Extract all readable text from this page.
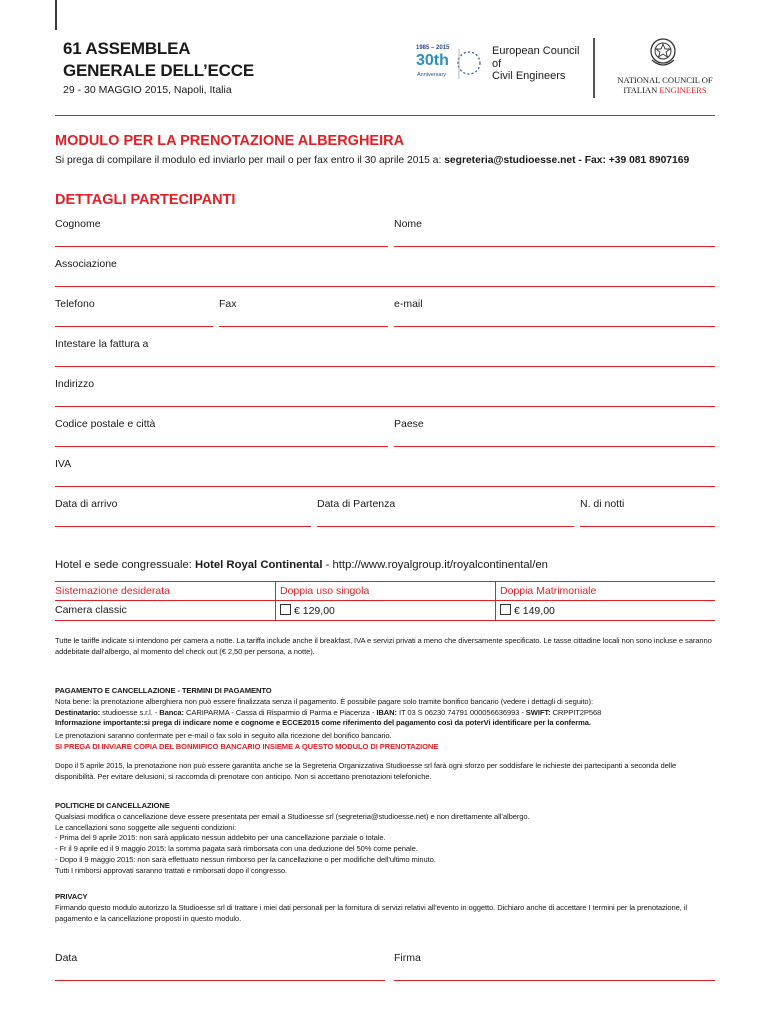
61 ASSEMBLEA
GENERALE DELL’ECCE
29 - 30 MAGGIO 2015, Napoli, Italia
1985 – 2015
30th
Anniversary
European Council
of
Civil Engineers	NATIONAL COUNCIL OF
ITALIAN ENGINEERS
MODULO PER LA PRENOTAZIONE ALBERGHEIRA
Si prega di compilare il modulo ed inviarlo per mail o per fax entro il 30 aprile 2015 a: segreteria@studioesse.net - Fax: +39 081 8907169
DETTAGLI PARTECIPANTI
Cognome	Nome
Associazione
Telefono	Fax	e-mail
Intestare la fattura a
Indirizzo
Codice postale e città	Paese
IVA
Data di arrivo	Data di Partenza	N. di notti
Hotel e sede congressuale: Hotel Royal Continental - http://www.royalgroup.it/royalcontinental/en
Sistemazione desiderata	Doppia uso singola	Doppia Matrimoniale
Camera classic	€ 129,00	€ 149,00
Tutte le tariffe indicate si intendono per camera a notte. La tariffa include anche il breakfast, IVA e servizi privati a meno che diversamente specificato. Le tasse cittadine locali non sono incluse e saranno addebitate dall’albergo, al momento del check out (€ 2,50 per persona, a notte).
PAGAMENTO E CANCELLAZIONE - TERMINI DI PAGAMENTO
Nota bene: la prenotazione alberghiera non può essere finalizzata senza il pagamento. È possibile pagare solo tramite bonifico bancario (vedere i dettagli di seguito):
Destinatario: studioesse s.r.l. - Banca: CARIPARMA - Cassa di Risparmio di Parma e Piacenza - IBAN: IT 03 S 06230 74791 000056636993 - SWIFT: CRPPIT2P568
Informazione importante:si prega di indicare nome e cognome e ECCE2015 come riferimento del pagamento così da poterVi identificare per la conferma.
Le prenotazioni saranno confermate per e-mail o fax solo in seguito alla ricezione del bonifico bancario.
SI PREGA DI INVIARE COPIA DEL BONMIFICO BANCARIO INSIEME A QUESTO MODULO DI PRENOTAZIONE
Dopo il 5 aprile 2015, la prenotazione non può essere garantita anche se la Segreteria Organizzativa Studioesse srl farà ogni sforzo per soddisfare le richieste dei partecipanti a seconda delle disponibilità. Per evitare delusioni, si raccomda di prenotare con anticipo. Non si accettano prenotazioni telefoniche.
POLITICHE DI CANCELLAZIONE
Qualsiasi modifica o cancellazione deve essere presentata per email a Studioesse srl (segreteria@studioesse.net) e non direttamente all’albergo.
Le cancellazioni sono soggette alle seguenti condizioni:
- Prima del 9 aprile 2015: non sarà applicato nessun addebito per una cancellazione parziale o totale.
- Fr il 9 aprile ed il 9 maggio 2015: la somma pagata sarà rimborsata con una deduzione del 50% come penale.
- Dopo il 9 maggio 2015: non sarà effettuato nessun rimborso per la cancellazione o per modifiche dell’ultimo minuto.
Tutti I rimborsi approvati saranno trattati e rimborsati dopo il congresso.
PRIVACY
Firmando questo modulo autorizzo la Studioesse srl di trattare i miei dati personali per la fornitura di servizi relativi all’evento in oggetto. Dichiaro anche di accettare I termini per la prenotazione, il pagamento e la cancellazione proposti in questo modulo.
Data	Firma
